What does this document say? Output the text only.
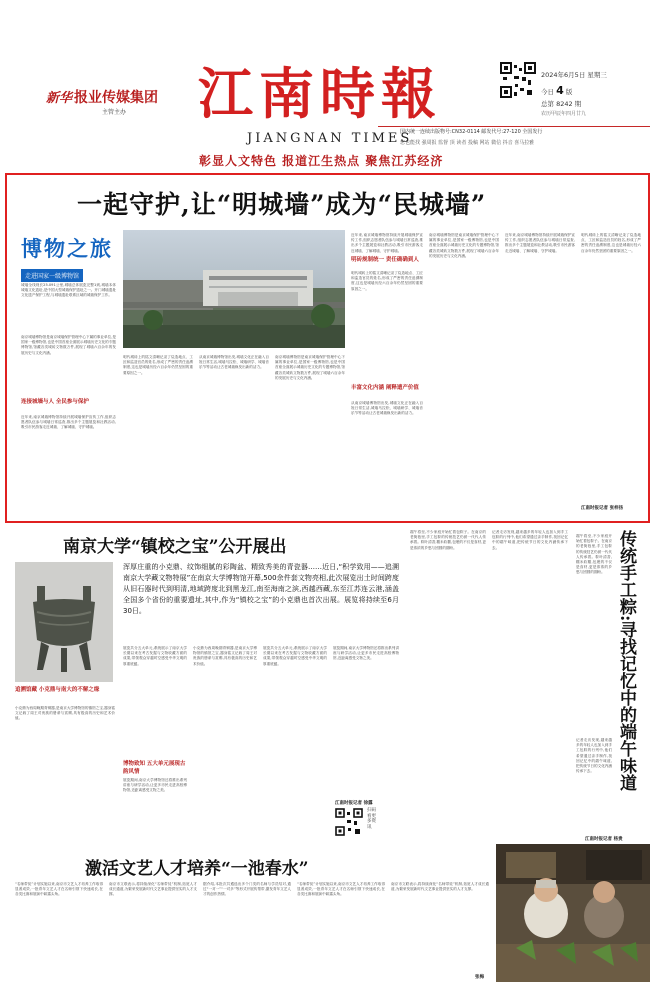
新华 报业传媒集团
主管主办 江南時報
JIANGNAN TIMES
2024年6月5日 星期三
今日 4 版
总第 8242 期
农历甲辰年四月廿九
国内统一连续出版物号:CN32-0114 邮发代号:27-120 全国发行
您也能找 强周报 监督 顶 读者 投稿 网站 微信 抖音 喜马拉雅
彰显人文特色 报道江生热点 聚焦江苏经济
一起守护,让“明城墙”成为“民城墙”
博物之旅
走进国家一级博物馆
城墙全线现长25.091公里,城墙总体展览完整1到,城墙本体城墙文化遗址,是中国大型城墙保护遗址之一。开门城墙遗址文化遗产保护工程,与城墙遗址联系区域的城墙保护工作。
南京城墙博物馆是南京城墙保护管理中心下属的事业单位,是国家一级博物馆,也是中国首座全面展示城墙历史文化的专题博物馆,馆藏各类城砖文物数万件,展现了城墙六百余年的发展历史与文化内涵。
连接城墙与人 全民参与保护
近年来,南京城墙博物馆持续开展城墙保护宣传工作,组织志愿者队伍参与城墙日常巡查,推出多个主题展览和社教活动,吸引市民游客走近城墙、了解城墙、守护城墙。
明代城砖上的铭文清晰记录了烧造地点、工匠和监造官员的姓名,形成了严密的责任追溯制度,这也是城墙历经六百余年仍然坚固的重要原因之一。
从南京城墙博物馆出发,城墙文化正在融入百姓日常生活,城墙马拉松、城墙研学、城墙音乐节等活动让古老城墙焕发出新的活力。
南京城墙博物馆是南京城墙保护管理中心下属的事业单位,是国家一级博物馆,也是中国首座全面展示城墙历史文化的专题博物馆,馆藏各类城砖文物数万件,展现了城墙六百余年的发展历史与文化内涵。
明砖规制统一 责任确确到人
近年来,南京城墙博物馆持续开展城墙保护宣传工作,组织志愿者队伍参与城墙日常巡查,推出多个主题展览和社教活动,吸引市民游客走近城墙、了解城墙、守护城墙。
明代城砖上的铭文清晰记录了烧造地点、工匠和监造官员的姓名,形成了严密的责任追溯制度,这也是城墙历经六百余年仍然坚固的重要原因之一。
丰富文化内涵 阐释遗产价值
从南京城墙博物馆出发,城墙文化正在融入百姓日常生活,城墙马拉松、城墙研学、城墙音乐节等活动让古老城墙焕发出新的活力。
南京城墙博物馆是南京城墙保护管理中心下属的事业单位,是国家一级博物馆,也是中国首座全面展示城墙历史文化的专题博物馆,馆藏各类城砖文物数万件,展现了城墙六百余年的发展历史与文化内涵。
近年来,南京城墙博物馆持续开展城墙保护宣传工作,组织志愿者队伍参与城墙日常巡查,推出多个主题展览和社教活动,吸引市民游客走近城墙、了解城墙、守护城墙。
明代城砖上的铭文清晰记录了烧造地点、工匠和监造官员的姓名,形成了严密的责任追溯制度,这也是城墙历经六百余年仍然坚固的重要原因之一。
江南时报记者 张梓扬
南京大学“镇校之宝”公开展出
追溯馆藏 小克鼎与南大的不解之缘
小克鼎为西周晚期青铜器,是南京大学博物馆的镇馆之宝,器身铭文记载了周王对贵族的册命与赏赐,具有极高的历史和艺术价值。
浑厚庄重的小克鼎、纹饰细腻的彩陶盆、精致秀美的青瓷器……近日,“积学致用——追溯南京大学藏文物特展”在南京大学博物馆开幕,500余件套文物亮相,此次展览出土时间跨度从旧石器时代到明清,地域跨度北到黑龙江,南至海南之滨,西越西藏,东至江苏连云港,涵盖全国多个省份的重要遗址,其中,作为“镇校之宝”的小克鼎也首次出展。展览将持续至6月30日。
展览共分五大单元,系统展示了南京大学长期以来在考古发掘与文物收藏方面的成果,带领观众穿越时空感受中华文明的厚重底蕴。
博物致知 五大单元展现古韵风情
展览期间,南京大学博物馆还将推出系列讲座与研学活动,让更多市民走进高校博物馆,近距离感受文物之美。
小克鼎为西周晚期青铜器,是南京大学博物馆的镇馆之宝,器身铭文记载了周王对贵族的册命与赏赐,具有极高的历史和艺术价值。
展览共分五大单元,系统展示了南京大学长期以来在考古发掘与文物收藏方面的成果,带领观众穿越时空感受中华文明的厚重底蕴。
展览期间,南京大学博物馆还将推出系列讲座与研学活动,让更多市民走进高校博物馆,近距离感受文物之美。
江南时报记者 徐露
扫码看更多资讯
端午将至,不少家庭开始忙着包粽子。在南京的老街巷里,手工包粽的传统技艺仍被一代代人传承着。粽叶清香,糯米软糯,包裹的不仅是食材,更是浓浓的乡愁与团圆的期盼。
记者走访发现,越来越多的年轻人也加入到手工包粽的行列中,他们希望通过亲手制作,找回记忆中的端午味道,把传统节日的文化内涵传承下去。	传统手工粽:寻找记忆中的端午味道
端午将至,不少家庭开始忙着包粽子。在南京的老街巷里,手工包粽的传统技艺仍被一代代人传承着。粽叶清香,糯米软糯,包裹的不仅是食材,更是浓浓的乡愁与团圆的期盼。
记者走访发现,越来越多的年轻人也加入到手工包粽的行列中,他们希望通过亲手制作,找回记忆中的端午味道,把传统节日的文化内涵传承下去。
江南时报记者 杨贵
激活文艺人才培养“一池春水”
“名师带徒”计划实施以来,南京市文艺人才培养工作取得显著成效,一批青年文艺人才在名师引领下快速成长,在各类比赛和展演中崭露头角。
南京市文联表示,将持续深化“名师带徒”机制,拓宽人才成长通道,为繁荣发展新时代文艺事业提供坚实的人才支撑。
据介绍,本批次共遴选出多个门类的名师与学员结对,通过“一对一”“一对多”等形式开展传帮带,激发青年文艺人才的创作热情。
“名师带徒”计划实施以来,南京市文艺人才培养工作取得显著成效,一批青年文艺人才在名师引领下快速成长,在各类比赛和展演中崭露头角。
南京市文联表示,将持续深化“名师带徒”机制,拓宽人才成长通道,为繁荣发展新时代文艺事业提供坚实的人才支撑。
张梅
